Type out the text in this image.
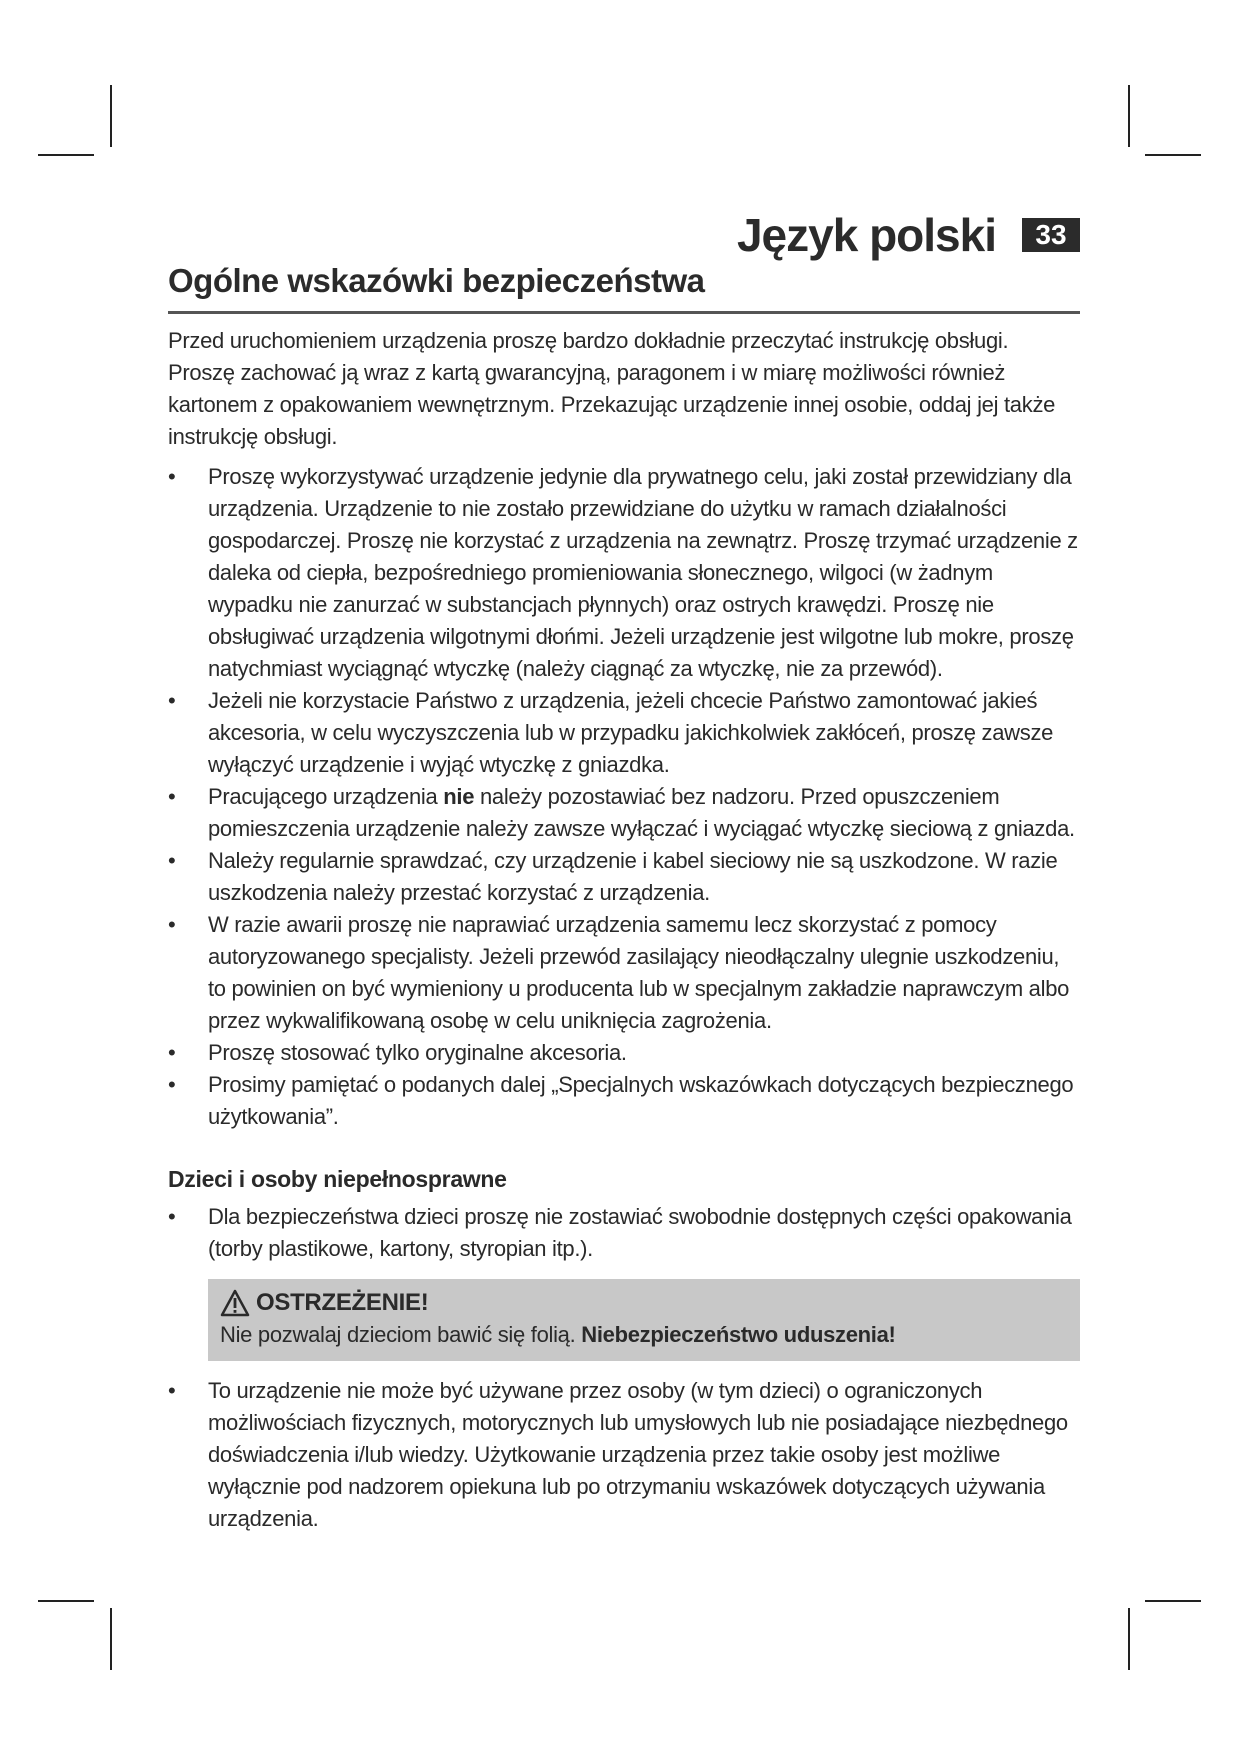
Język polski	33
Ogólne wskazówki bezpieczeństwa

Przed uruchomieniem urządzenia proszę bardzo dokładnie przeczytać instrukcję obsługi. Proszę zachować ją wraz z kartą gwarancyjną, paragonem i w miarę możliwości również kartonem z opakowaniem wewnętrznym. Przekazując urządzenie innej osobie, oddaj jej także instrukcję obsługi.

• Proszę wykorzystywać urządzenie jedynie dla prywatnego celu, jaki został przewidziany dla urządzenia. Urządzenie to nie zostało przewidziane do użytku w ramach działalności gospodarczej. Proszę nie korzystać z urządzenia na zewnątrz. Proszę trzymać urządzenie z daleka od ciepła, bezpośredniego promieniowania słonecznego, wilgoci (w żadnym wypadku nie zanurzać w substancjach płynnych) oraz ostrych krawędzi. Proszę nie obsługiwać urządzenia wilgotnymi dłońmi. Jeżeli urządzenie jest wilgotne lub mokre, proszę natychmiast wyciągnąć wtyczkę (należy ciągnąć za wtyczkę, nie za przewód).
• Jeżeli nie korzystacie Państwo z urządzenia, jeżeli chcecie Państwo zamontować jakieś akcesoria, w celu wyczyszczenia lub w przypadku jakichkolwiek zakłóceń, proszę zawsze wyłączyć urządzenie i wyjąć wtyczkę z gniazdka.
• Pracującego urządzenia nie należy pozostawiać bez nadzoru. Przed opuszczeniem pomieszczenia urządzenie należy zawsze wyłączać i wyciągać wtyczkę sieciową z gniazda.
• Należy regularnie sprawdzać, czy urządzenie i kabel sieciowy nie są uszkodzone. W razie uszkodzenia należy przestać korzystać z urządzenia.
• W razie awarii proszę nie naprawiać urządzenia samemu lecz skorzystać z pomocy autoryzowanego specjalisty. Jeżeli przewód zasilający nieodłączalny ulegnie uszkodzeniu, to powinien on być wymieniony u producenta lub w specjalnym zakładzie naprawczym albo przez wykwalifikowaną osobę w celu uniknięcia zagrożenia.
• Proszę stosować tylko oryginalne akcesoria.
• Prosimy pamiętać o podanych dalej „Specjalnych wskazówkach dotyczących bezpiecznego użytkowania”.
Dzieci i osoby niepełnosprawne
• Dla bezpieczeństwa dzieci proszę nie zostawiać swobodnie dostępnych części opakowania (torby plastikowe, kartony, styropian itp.).
OSTRZEŻENIE!
Nie pozwalaj dzieciom bawić się folią. Niebezpieczeństwo uduszenia!
• To urządzenie nie może być używane przez osoby (w tym dzieci) o ograniczonych możliwościach fizycznych, motorycznych lub umysłowych lub nie posiadające niezbędnego doświadczenia i/lub wiedzy. Użytkowanie urządzenia przez takie osoby jest możliwe wyłącznie pod nadzorem opiekuna lub po otrzymaniu wskazówek dotyczących używania urządzenia.
